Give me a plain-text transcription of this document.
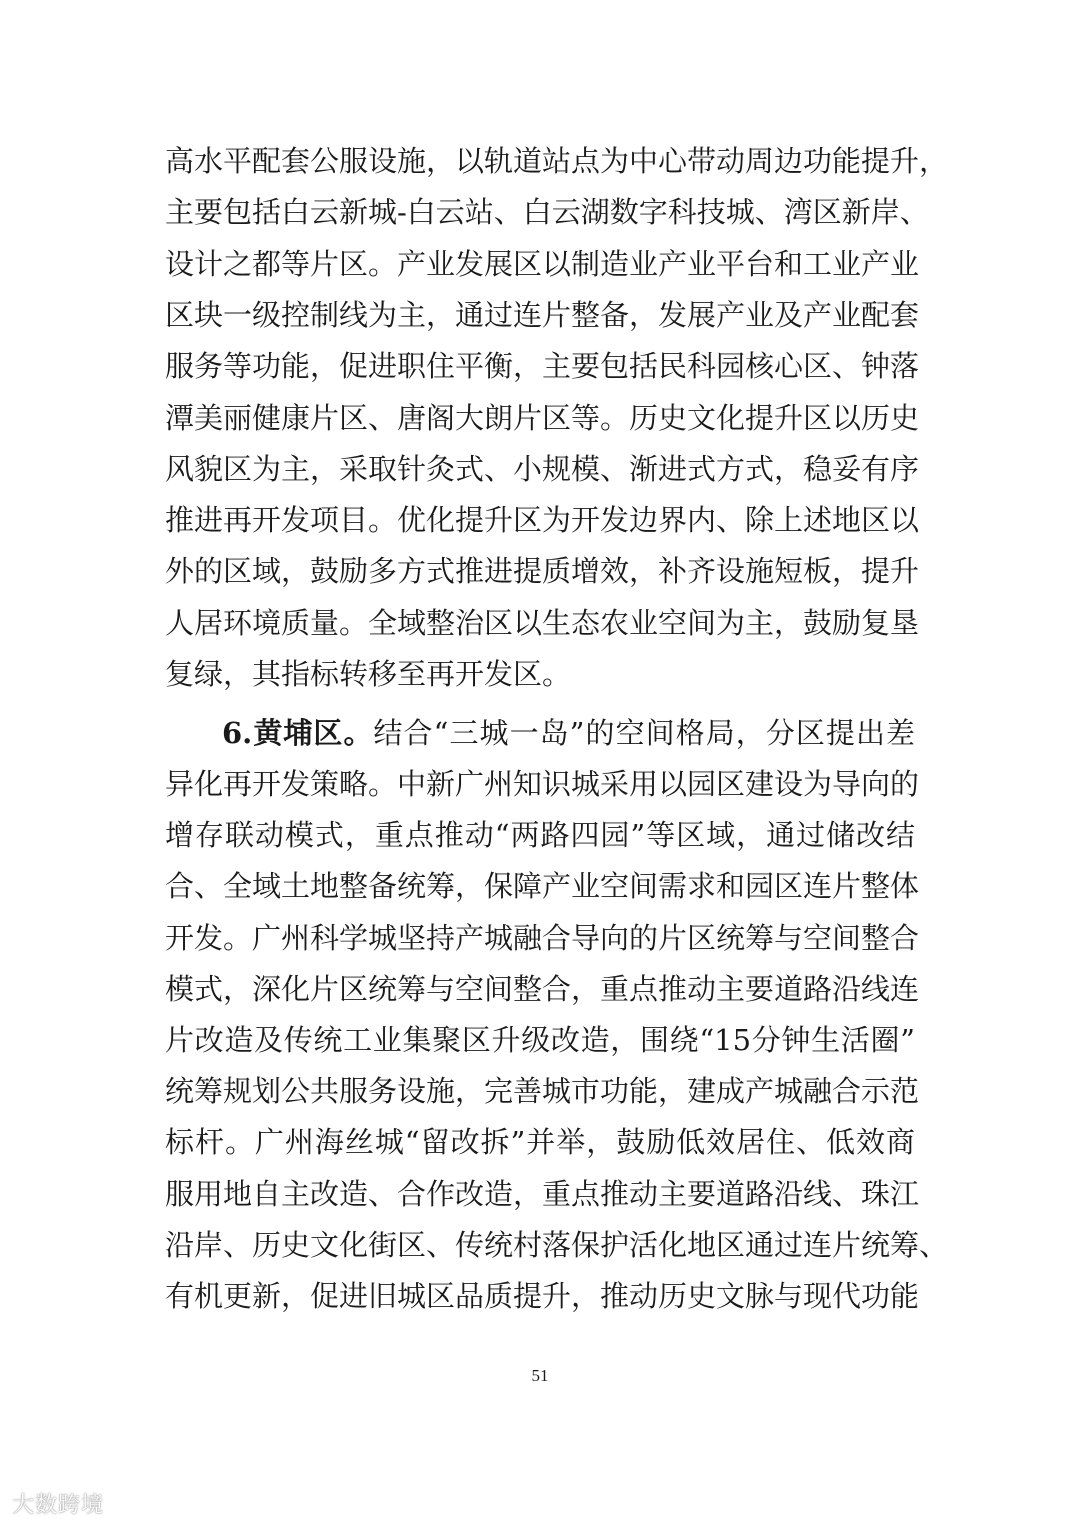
高水平配套公服设施，以轨道站点为中心带动周边功能提升，
主要包括白云新城-白云站、白云湖数字科技城、湾区新岸、
设计之都等片区。产业发展区以制造业产业平台和工业产业
区块一级控制线为主，通过连片整备，发展产业及产业配套
服务等功能，促进职住平衡，主要包括民科园核心区、钟落
潭美丽健康片区、唐阁大朗片区等。历史文化提升区以历史
风貌区为主，采取针灸式、小规模、渐进式方式，稳妥有序
推进再开发项目。优化提升区为开发边界内、除上述地区以
外的区域，鼓励多方式推进提质增效，补齐设施短板，提升
人居环境质量。全域整治区以生态农业空间为主，鼓励复垦
复绿，其指标转移至再开发区。
6.黄埔区。结合“三城一岛”的空间格局，分区提出差
异化再开发策略。中新广州知识城采用以园区建设为导向的
增存联动模式，重点推动“两路四园”等区域，通过储改结
合、全域土地整备统筹，保障产业空间需求和园区连片整体
开发。广州科学城坚持产城融合导向的片区统筹与空间整合
模式，深化片区统筹与空间整合，重点推动主要道路沿线连
片改造及传统工业集聚区升级改造，围绕“15分钟生活圈”
统筹规划公共服务设施，完善城市功能，建成产城融合示范
标杆。广州海丝城“留改拆”并举，鼓励低效居住、低效商
服用地自主改造、合作改造，重点推动主要道路沿线、珠江
沿岸、历史文化街区、传统村落保护活化地区通过连片统筹、
有机更新，促进旧城区品质提升，推动历史文脉与现代功能
51
大数跨境
